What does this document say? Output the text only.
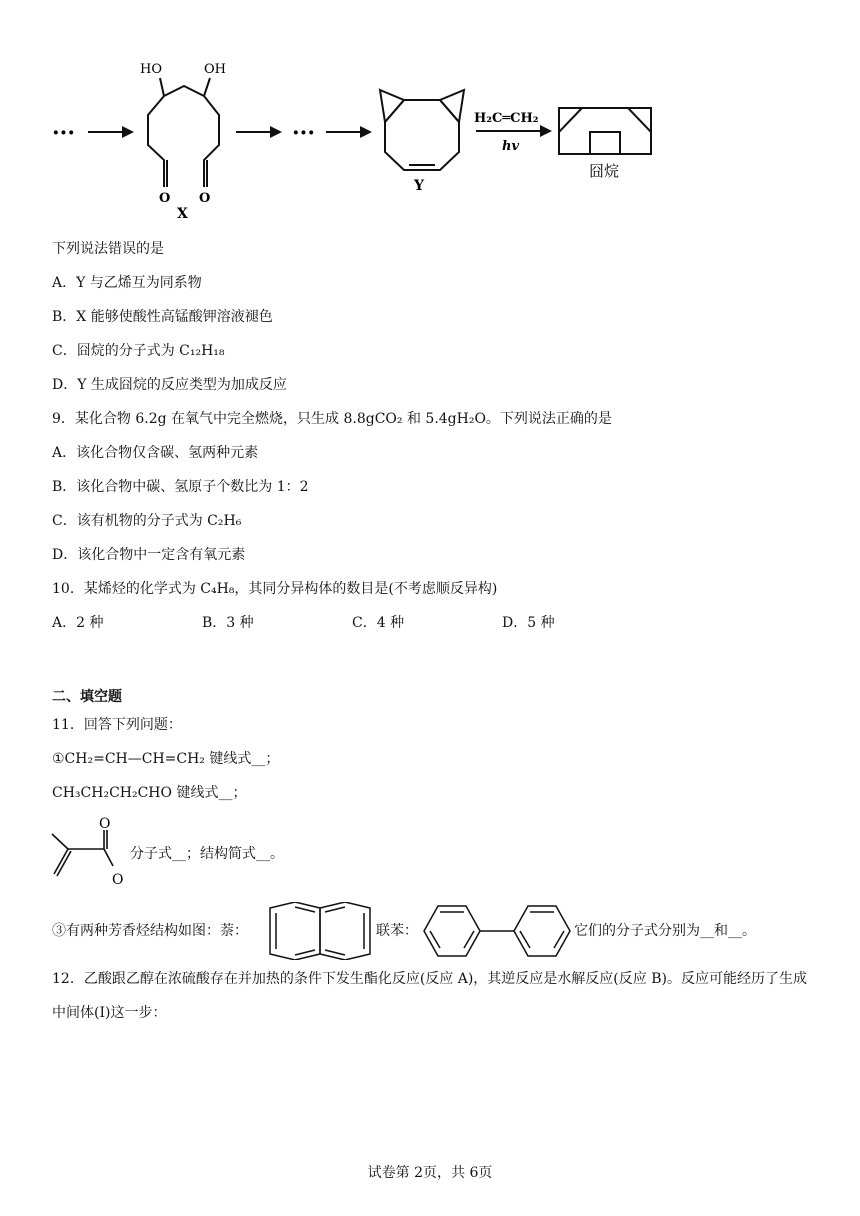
···
HO	OH
O O
X
···
Y
H₂C═CH₂
hv
囧烷
下列说法错误的是
A．Y 与乙烯互为同系物
B．X 能够使酸性高锰酸钾溶液褪色
C．囧烷的分子式为 C₁₂H₁₈
D．Y 生成囧烷的反应类型为加成反应
9．某化合物 6.2g 在氧气中完全燃烧，只生成 8.8gCO₂ 和 5.4gH₂O。下列说法正确的是
A．该化合物仅含碳、氢两种元素
B．该化合物中碳、氢原子个数比为 1：2
C．该有机物的分子式为 C₂H₆
D．该化合物中一定含有氧元素
10．某烯烃的化学式为 C₄H₈，其同分异构体的数目是(不考虑顺反异构)
A．2 种	B．3 种	C．4 种	D．5 种
二、填空题
11．回答下列问题：
①CH₂=CH—CH=CH₂ 键线式__；
CH₃CH₂CH₂CHO 键线式__；
O
O
分子式__；结构简式__。
③有两种芳香烃结构如图：萘：	联苯：	它们的分子式分别为__和__。
12．乙酸跟乙醇在浓硫酸存在并加热的条件下发生酯化反应(反应 A)，其逆反应是水解反应(反应 B)。反应可能经历了生成中间体(I)这一步：
试卷第 2页，共 6页
